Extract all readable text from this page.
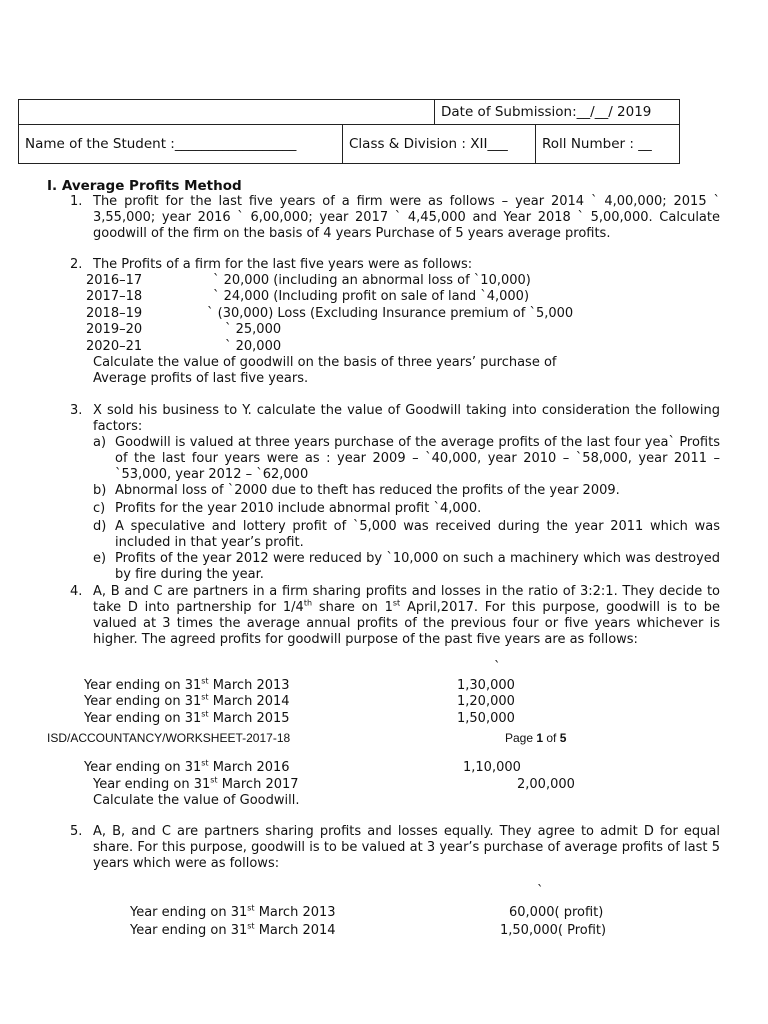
		Date of Submission:__/__/ 2019	
Name of the Student :__________________	Class & Division : XII___		Roll Number : __
I. Average Profits Method
1. The profit for the last five years of a firm were as follows – year 2014 ` 4,00,000; 2015 ` 3,55,000; year 2016 ` 6,00,000; year 2017 ` 4,45,000 and Year 2018 ` 5,00,000. Calculate goodwill of the firm on the basis of 4 years Purchase of 5 years average profits.
2. The Profits of a firm for the last five years were as follows:
2016–17	` 20,000 (including an abnormal loss of `10,000)
2017–18	` 24,000 (Including profit on sale of land `4,000)
2018–19	` (30,000) Loss (Excluding Insurance premium of `5,000
2019–20	` 25,000
2020–21	` 20,000
Calculate the value of goodwill on the basis of three years’ purchase of
Average profits of last five years.
3. X sold his business to Y. calculate the value of Goodwill taking into consideration the following factors:
a) Goodwill is valued at three years purchase of the average profits of the last four yea` Profits of the last four years were as : year 2009 – `40,000, year 2010 – `58,000, year 2011 – `53,000, year 2012 – `62,000
b) Abnormal loss of `2000 due to theft has reduced the profits of the year 2009.
c) Profits for the year 2010 include abnormal profit `4,000.
d) A speculative and lottery profit of `5,000 was received during the year 2011 which was included in that year’s profit.
e) Profits of the year 2012 were reduced by `10,000 on such a machinery which was destroyed by fire during the year.
4. A, B and C are partners in a firm sharing profits and losses in the ratio of 3:2:1. They decide to take D into partnership for 1/4th share on 1st April,2017. For this purpose, goodwill is to be valued at 3 times the average annual profits of the previous four or five years whichever is higher. The agreed profits for goodwill purpose of the past five years are as follows:
`
Year ending on 31st March 2013	1,30,000
Year ending on 31st March 2014	1,20,000
Year ending on 31st March 2015	1,50,000
ISD/ACCOUNTANCY/WORKSHEET-2017-18	Page 1 of 5
Year ending on 31st March 2016	1,10,000
Year ending on 31st March 2017	2,00,000
Calculate the value of Goodwill.
5. A, B, and C are partners sharing profits and losses equally. They agree to admit D for equal share. For this purpose, goodwill is to be valued at 3 year’s purchase of average profits of last 5 years which were as follows:
`
Year ending on 31st March 2013	60,000( profit)
Year ending on 31st March 2014	1,50,000( Profit)
